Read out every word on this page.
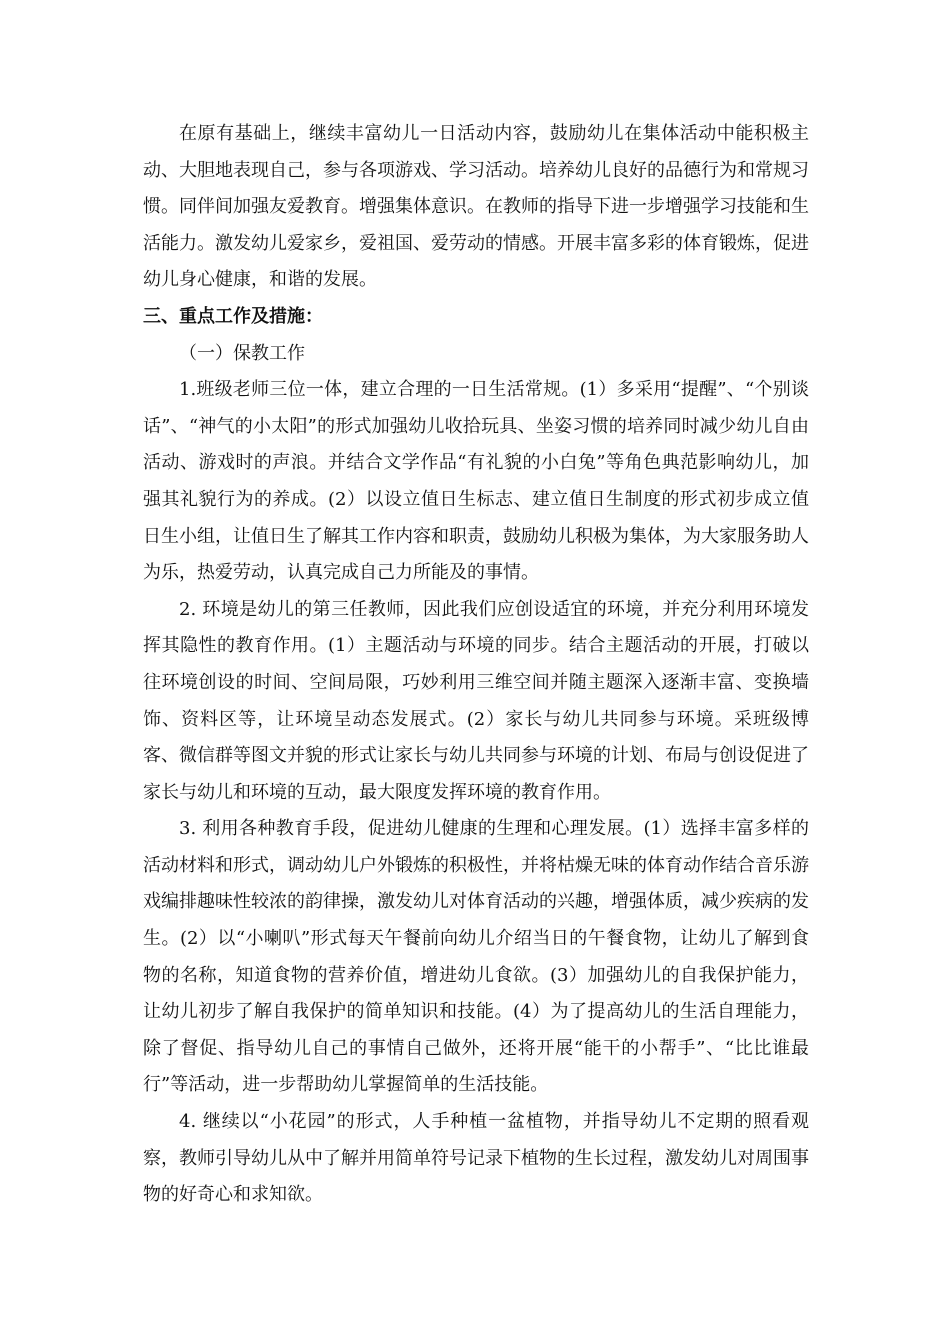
在原有基础上，继续丰富幼儿一日活动内容，鼓励幼儿在集体活动中能积极主动、大胆地表现自己，参与各项游戏、学习活动。培养幼儿良好的品德行为和常规习惯。同伴间加强友爱教育。增强集体意识。在教师的指导下进一步增强学习技能和生活能力。激发幼儿爱家乡，爱祖国、爱劳动的情感。开展丰富多彩的体育锻炼，促进幼儿身心健康，和谐的发展。

三、重点工作及措施：

（一）保教工作

1.班级老师三位一体，建立合理的一日生活常规。(1）多采用“提醒”、“个别谈话”、“神气的小太阳”的形式加强幼儿收拾玩具、坐姿习惯的培养同时减少幼儿自由活动、游戏时的声浪。并结合文学作品“有礼貌的小白兔”等角色典范影响幼儿，加强其礼貌行为的养成。(2）以设立值日生标志、建立值日生制度的形式初步成立值日生小组，让值日生了解其工作内容和职责，鼓励幼儿积极为集体，为大家服务助人为乐，热爱劳动，认真完成自己力所能及的事情。

2. 环境是幼儿的第三任教师，因此我们应创设适宜的环境，并充分利用环境发挥其隐性的教育作用。(1）主题活动与环境的同步。结合主题活动的开展，打破以往环境创设的时间、空间局限，巧妙利用三维空间并随主题深入逐渐丰富、变换墙饰、资料区等，让环境呈动态发展式。(2）家长与幼儿共同参与环境。采班级博客、微信群等图文并貌的形式让家长与幼儿共同参与环境的计划、布局与创设促进了家长与幼儿和环境的互动，最大限度发挥环境的教育作用。

3. 利用各种教育手段，促进幼儿健康的生理和心理发展。(1）选择丰富多样的活动材料和形式，调动幼儿户外锻炼的积极性，并将枯燥无味的体育动作结合音乐游戏编排趣味性较浓的韵律操，激发幼儿对体育活动的兴趣，增强体质，减少疾病的发生。(2）以“小喇叭”形式每天午餐前向幼儿介绍当日的午餐食物，让幼儿了解到食物的名称，知道食物的营养价值，增进幼儿食欲。(3）加强幼儿的自我保护能力，让幼儿初步了解自我保护的简单知识和技能。(4）为了提高幼儿的生活自理能力，除了督促、指导幼儿自己的事情自己做外，还将开展“能干的小帮手”、“比比谁最行”等活动，进一步帮助幼儿掌握简单的生活技能。

4. 继续以“小花园”的形式，人手种植一盆植物，并指导幼儿不定期的照看观察，教师引导幼儿从中了解并用简单符号记录下植物的生长过程，激发幼儿对周围事物的好奇心和求知欲。
